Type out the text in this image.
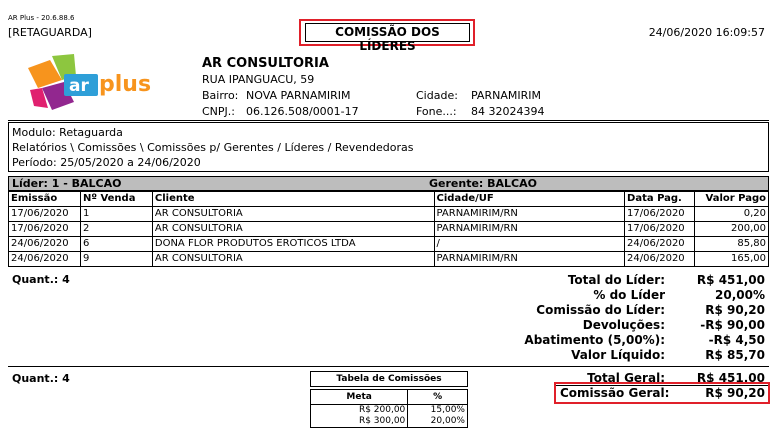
AR Plus - 20.6.88.6
[RETAGUARDA]	COMISSÃO DOS LÍDERES
24/06/2020 16:09:57
ar plus
AR CONSULTORIA
RUA IPANGUACU, 59
Bairro: NOVA PARNAMIRIM	Cidade: PARNAMIRIM
CNPJ.: 06.126.508/0001-17	Fone...: 84 32024394
Modulo: Retaguarda
Relatórios \ Comissões \ Comissões p/ Gerentes / Líderes / Revendedoras
Período: 25/05/2020 a 24/06/2020
Líder: 1 - BALCAO	Gerente: BALCAO
Emissão	Nº Venda	Cliente	Cidade/UF	Data Pag.	Valor Pago
17/06/2020	1	AR CONSULTORIA	PARNAMIRIM/RN	17/06/2020	0,20
17/06/2020	2	AR CONSULTORIA	PARNAMIRIM/RN	17/06/2020	200,00
24/06/2020	6	DONA FLOR PRODUTOS EROTICOS LTDA	/	24/06/2020	85,80
24/06/2020	9	AR CONSULTORIA	PARNAMIRIM/RN	24/06/2020	165,00
Quant.: 4	Total do Líder:	R$ 451,00
% do Líder	20,00%
Comissão do Líder:	R$ 90,20
Devoluções:	-R$ 90,00
Abatimento (5,00%):	-R$ 4,50
Valor Líquido:	R$ 85,70
Quant.: 4	Tabela de Comissões	

Meta	%
R$ 200,00	15,00%
R$ 300,00	20,00%
Total Geral:	R$ 451,00
Comissão Geral:	R$ 90,20
